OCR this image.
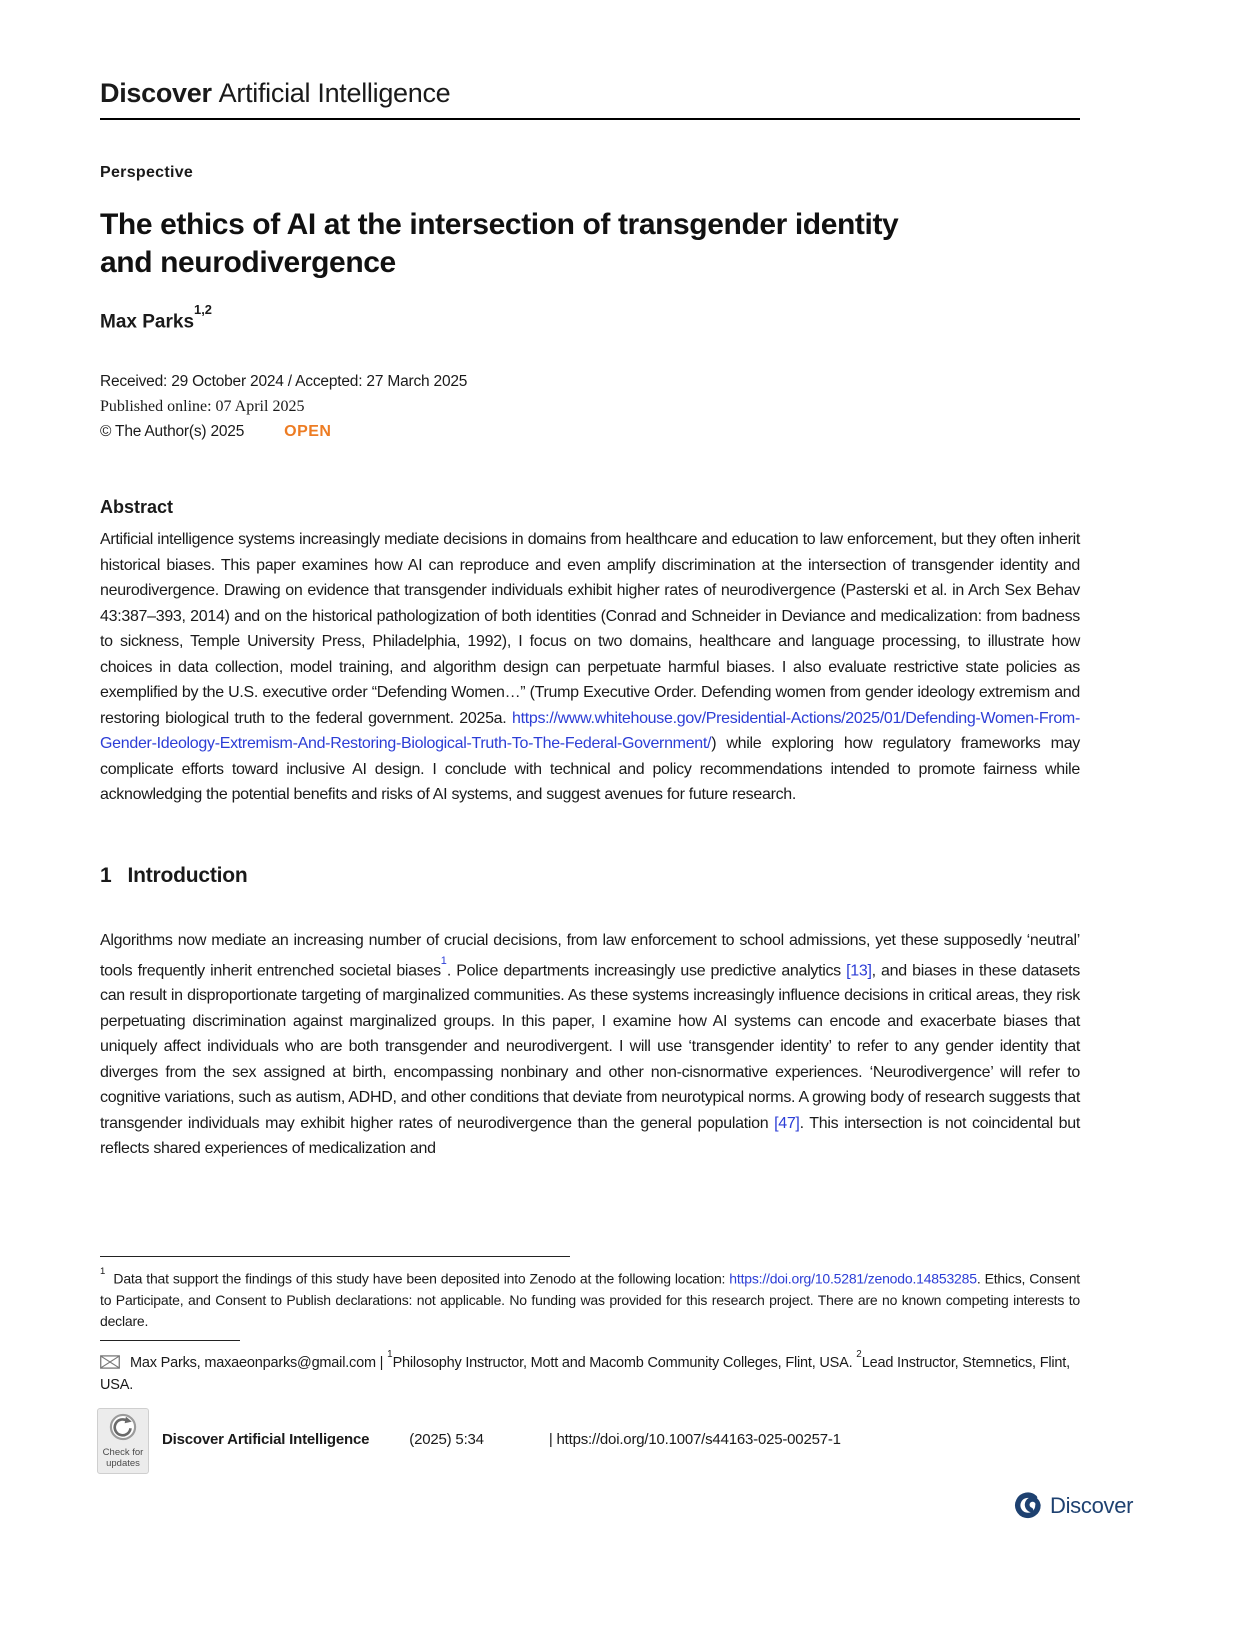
Discover Artificial Intelligence
Perspective
The ethics of AI at the intersection of transgender identity
and neurodivergence
Max Parks$^{1,2}$
Received: 29 October 2024 / Accepted: 27 March 2025
Published online: 07 April 2025
© The Author(s) 2025	OPEN
Abstract

Artificial intelligence systems increasingly mediate decisions in domains from healthcare and education to law enforcement, but they often inherit historical biases. This paper examines how AI can reproduce and even amplify discrimination at the intersection of transgender identity and neurodivergence. Drawing on evidence that transgender individuals exhibit higher rates of neurodivergence (Pasterski et al. in Arch Sex Behav 43:387–393, 2014) and on the historical pathologization of both identities (Conrad and Schneider in Deviance and medicalization: from badness to sickness, Temple University Press, Philadelphia, 1992), I focus on two domains, healthcare and language processing, to illustrate how choices in data collection, model training, and algorithm design can perpetuate harmful biases. I also evaluate restrictive state policies as exemplified by the U.S. executive order “Defending Women…” (Trump Executive Order. Defending women from gender ideology extremism and restoring biological truth to the federal government. 2025a. https://www.whitehouse.gov/Presidential-Actions/2025/01/Defending-Women-From-Gender-Ideology-Extremism-And-Restoring-Biological-Truth-To-The-Federal-Government/) while exploring how regulatory frameworks may complicate efforts toward inclusive AI design. I conclude with technical and policy recommendations intended to promote fairness while acknowledging the potential benefits and risks of AI systems, and suggest avenues for future research.

1 Introduction

Algorithms now mediate an increasing number of crucial decisions, from law enforcement to school admissions, yet these supposedly ‘neutral’ tools frequently inherit entrenched societal biases$^1$. Police departments increasingly use predictive analytics [13], and biases in these datasets can result in disproportionate targeting of marginalized communities. As these systems increasingly influence decisions in critical areas, they risk perpetuating discrimination against marginalized groups. In this paper, I examine how AI systems can encode and exacerbate biases that uniquely affect individuals who are both transgender and neurodivergent. I will use ‘transgender identity’ to refer to any gender identity that diverges from the sex assigned at birth, encompassing nonbinary and other non-cisnormative experiences. ‘Neurodivergence’ will refer to cognitive variations, such as autism, ADHD, and other conditions that deviate from neurotypical norms. A growing body of research suggests that transgender individuals may exhibit higher rates of neurodivergence than the general population [47]. This intersection is not coincidental but reflects shared experiences of medicalization and

$^1$ Data that support the findings of this study have been deposited into Zenodo at the following location: https://doi.org/10.5281/zenodo.14853285. Ethics, Consent to Participate, and Consent to Publish declarations: not applicable. No funding was provided for this research project. There are no known competing interests to declare.

Max Parks, maxaeonparks@gmail.com | $^1$Philosophy Instructor, Mott and Macomb Community Colleges, Flint, USA. $^2$Lead Instructor, Stemnetics, Flint, USA.

Check for updates
Discover Artificial Intelligence	(2025) 5:34	| https://doi.org/10.1007/s44163-025-00257-1
Discover
